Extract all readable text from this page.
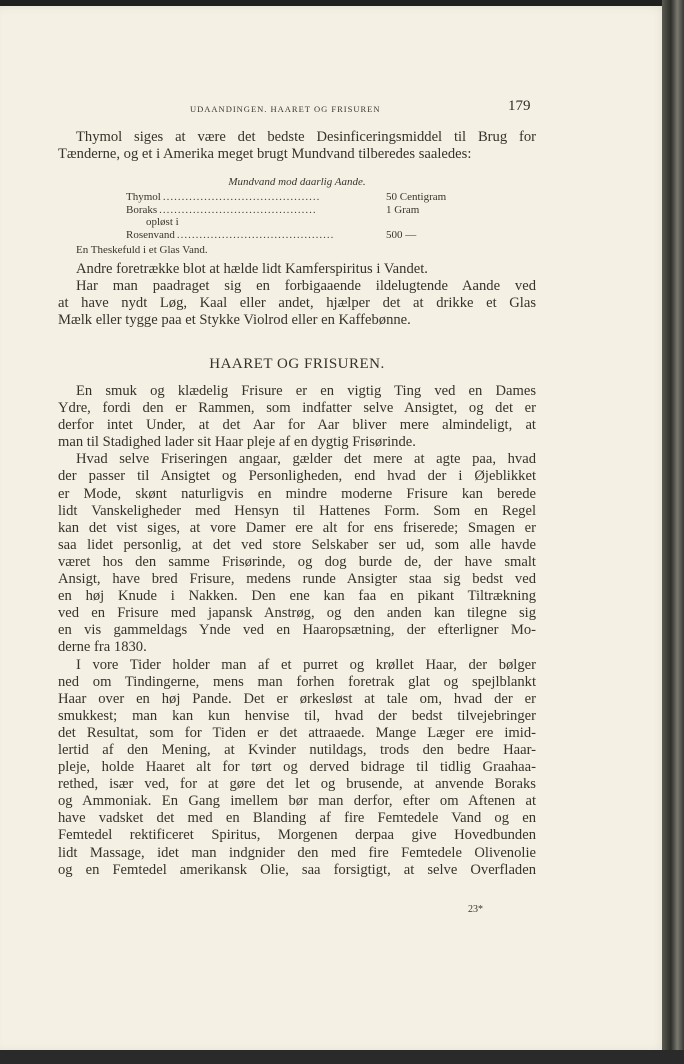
UDAANDINGEN. HAARET OG FRISUREN	179
Thymol siges at være det bedste Desinficeringsmiddel til Brug for
Tænderne, og et i Amerika meget brugt Mundvand tilberedes saaledes:
Mundvand mod daarlig Aande.
Thymol ..........................................	50 Centigram
Boraks ..........................................	1 Gram
opløst i
Rosenvand ..........................................	500 —
En Theskefuld i et Glas Vand.
Andre foretrække blot at hælde lidt Kamferspiritus i Vandet.
Har man paadraget sig en forbigaaende ildelugtende Aande ved
at have nydt Løg, Kaal eller andet, hjælper det at drikke et Glas
Mælk eller tygge paa et Stykke Violrod eller en Kaffebønne.
HAARET OG FRISUREN.
En smuk og klædelig Frisure er en vigtig Ting ved en Dames
Ydre, fordi den er Rammen, som indfatter selve Ansigtet, og det er
derfor intet Under, at det Aar for Aar bliver mere almindeligt, at
man til Stadighed lader sit Haar pleje af en dygtig Frisørinde.
Hvad selve Friseringen angaar, gælder det mere at agte paa, hvad
der passer til Ansigtet og Personligheden, end hvad der i Øjeblikket
er Mode, skønt naturligvis en mindre moderne Frisure kan berede
lidt Vanskeligheder med Hensyn til Hattenes Form. Som en Regel
kan det vist siges, at vore Damer ere alt for ens friserede; Smagen er
saa lidet personlig, at det ved store Selskaber ser ud, som alle havde
været hos den samme Frisørinde, og dog burde de, der have smalt
Ansigt, have bred Frisure, medens runde Ansigter staa sig bedst ved
en høj Knude i Nakken. Den ene kan faa en pikant Tiltrækning
ved en Frisure med japansk Anstrøg, og den anden kan tilegne sig
en vis gammeldags Ynde ved en Haaropsætning, der efterligner Mo-
derne fra 1830.
I vore Tider holder man af et purret og krøllet Haar, der bølger
ned om Tindingerne, mens man forhen foretrak glat og spejlblankt
Haar over en høj Pande. Det er ørkesløst at tale om, hvad der er
smukkest; man kan kun henvise til, hvad der bedst tilvejebringer
det Resultat, som for Tiden er det attraaede. Mange Læger ere imid-
lertid af den Mening, at Kvinder nutildags, trods den bedre Haar-
pleje, holde Haaret alt for tørt og derved bidrage til tidlig Graahaa-
rethed, især ved, for at gøre det let og brusende, at anvende Boraks
og Ammoniak. En Gang imellem bør man derfor, efter om Aftenen at
have vadsket det med en Blanding af fire Femtedele Vand og en
Femtedel rektificeret Spiritus, Morgenen derpaa give Hovedbunden
lidt Massage, idet man indgnider den med fire Femtedele Olivenolie
og en Femtedel amerikansk Olie, saa forsigtigt, at selve Overfladen
23*
